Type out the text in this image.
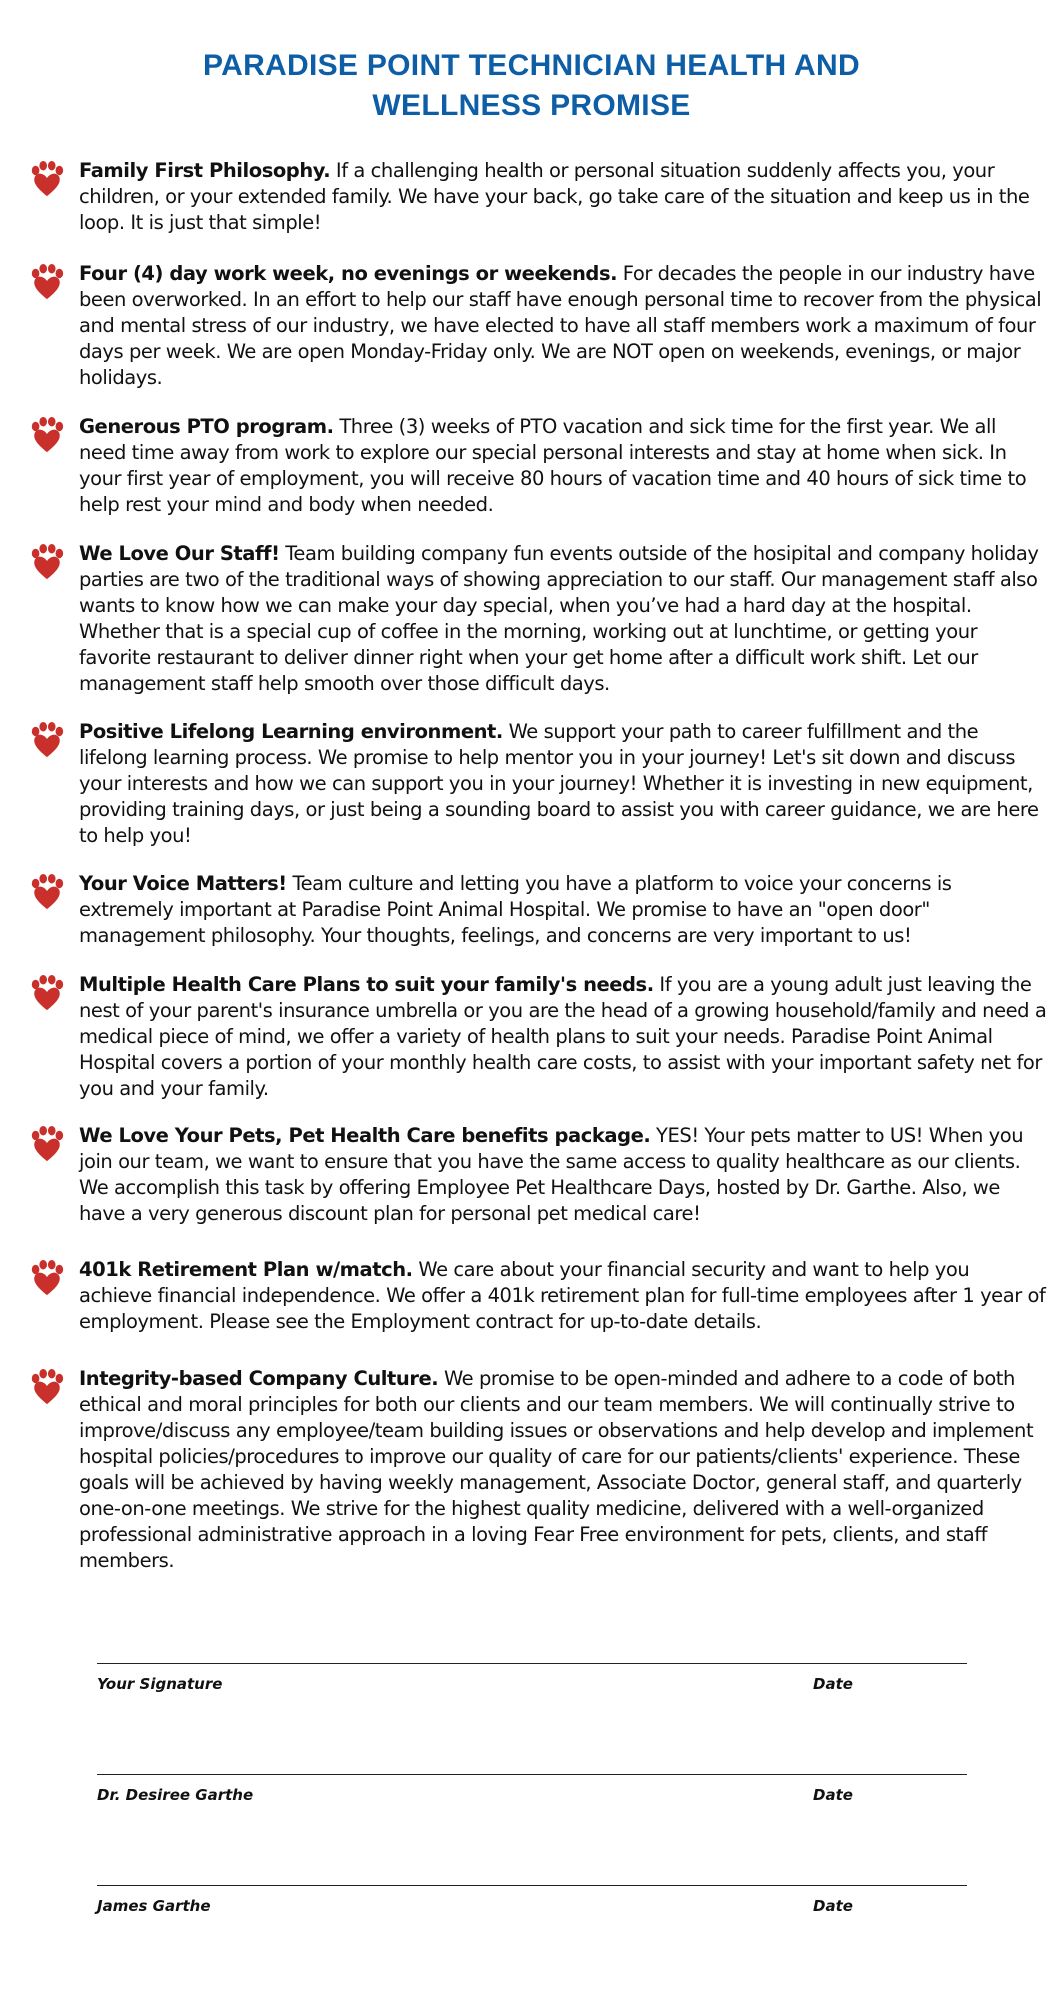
PARADISE POINT TECHNICIAN HEALTH AND
WELLNESS PROMISE
Family First Philosophy. If a challenging health or personal situation suddenly affects you, your children, or your extended family. We have your back, go take care of the situation and keep us in the loop. It is just that simple!
Four (4) day work week, no evenings or weekends. For decades the people in our industry have been overworked. In an effort to help our staff have enough personal time to recover from the physical and mental stress of our industry, we have elected to have all staff members work a maximum of four days per week. We are open Monday-Friday only. We are NOT open on weekends, evenings, or major holidays.
Generous PTO program. Three (3) weeks of PTO vacation and sick time for the first year. We all need time away from work to explore our special personal interests and stay at home when sick. In your first year of employment, you will receive 80 hours of vacation time and 40 hours of sick time to help rest your mind and body when needed.
We Love Our Staff! Team building company fun events outside of the hosipital and company holiday parties are two of the traditional ways of showing appreciation to our staff. Our management staff also wants to know how we can make your day special, when you’ve had a hard day at the hospital. Whether that is a special cup of coffee in the morning, working out at lunchtime, or getting your favorite restaurant to deliver dinner right when your get home after a difficult work shift. Let our management staff help smooth over those difficult days.
Positive Lifelong Learning environment. We support your path to career fulfillment and the lifelong learning process. We promise to help mentor you in your journey! Let's sit down and discuss your interests and how we can support you in your journey! Whether it is investing in new equipment, providing training days, or just being a sounding board to assist you with career guidance, we are here to help you!
Your Voice Matters! Team culture and letting you have a platform to voice your concerns is extremely important at Paradise Point Animal Hospital. We promise to have an "open door" management philosophy. Your thoughts, feelings, and concerns are very important to us!
Multiple Health Care Plans to suit your family's needs. If you are a young adult just leaving the nest of your parent's insurance umbrella or you are the head of a growing household/family and need a medical piece of mind, we offer a variety of health plans to suit your needs. Paradise Point Animal Hospital covers a portion of your monthly health care costs, to assist with your important safety net for you and your family.
We Love Your Pets, Pet Health Care benefits package. YES! Your pets matter to US! When you join our team, we want to ensure that you have the same access to quality healthcare as our clients. We accomplish this task by offering Employee Pet Healthcare Days, hosted by Dr. Garthe. Also, we have a very generous discount plan for personal pet medical care!
401k Retirement Plan w/match. We care about your financial security and want to help you achieve financial independence. We offer a 401k retirement plan for full-time employees after 1 year of employment. Please see the Employment contract for up-to-date details.
Integrity-based Company Culture. We promise to be open-minded and adhere to a code of both ethical and moral principles for both our clients and our team members. We will continually strive to improve/discuss any employee/team building issues or observations and help develop and implement hospital policies/procedures to improve our quality of care for our patients/clients' experience. These goals will be achieved by having weekly management, Associate Doctor, general staff, and quarterly one-on-one meetings. We strive for the highest quality medicine, delivered with a well-organized professional administrative approach in a loving Fear Free environment for pets, clients, and staff members.
Your Signature	Date
Dr. Desiree Garthe	Date
James Garthe	Date
